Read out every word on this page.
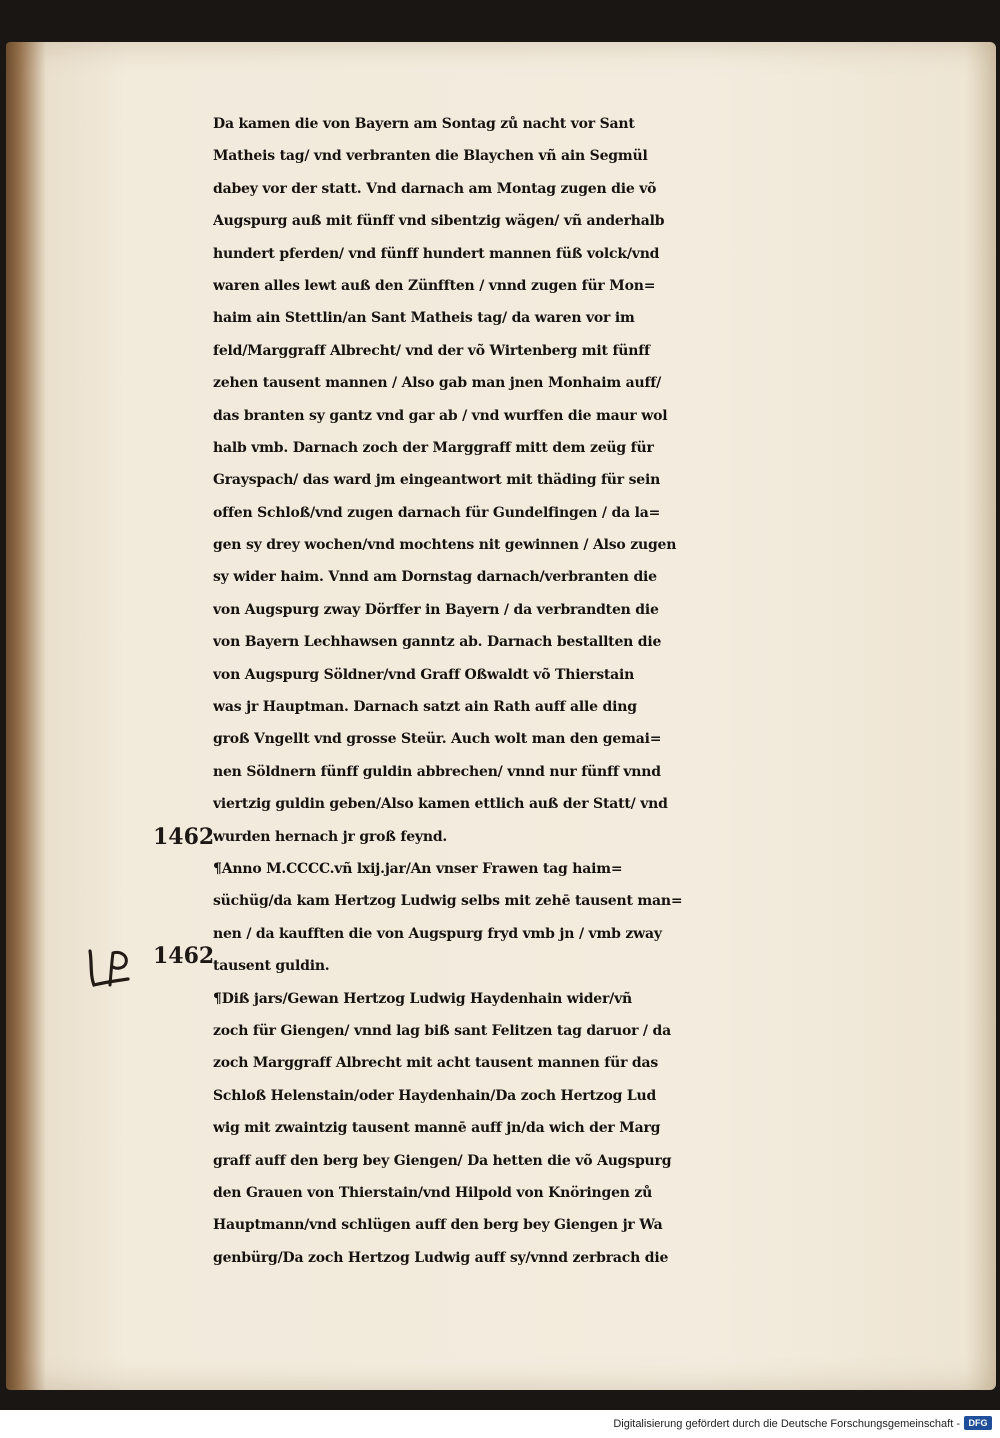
Da kamen die von Bayern am Sontag zů nacht vor Sant
Matheis tag/ vnd verbranten die Blaychen vñ ain Segmül
dabey vor der statt. Vnd darnach am Montag zugen die võ
Augspurg auß mit fünff vnd sibentzig wägen/ vñ anderhalb
hundert pferden/ vnd fünff hundert mannen füß volck/vnd
waren alles lewt auß den Zünfften / vnnd zugen für Mon=
haim ain Stettlin/an Sant Matheis tag/ da waren vor im
feld/Marggraff Albrecht/ vnd der võ Wirtenberg mit fünff
zehen tausent mannen / Also gab man jnen Monhaim auff/
das branten sy gantz vnd gar ab / vnd wurffen die maur wol
halb vmb. Darnach zoch der Marggraff mitt dem zeüg für
Grayspach/ das ward jm eingeantwort mit thäding für sein
offen Schloß/vnd zugen darnach für Gundelfingen / da la=
gen sy drey wochen/vnd mochtens nit gewinnen / Also zugen
sy wider haim. Vnnd am Dornstag darnach/verbranten die
von Augspurg zway Dörffer in Bayern / da verbrandten die
von Bayern Lechhawsen ganntz ab. Darnach bestallten die
von Augspurg Söldner/vnd Graff Oßwaldt võ Thierstain
was jr Hauptman. Darnach satzt ain Rath auff alle ding
groß Vngellt vnd grosse Steür. Auch wolt man den gemai=
nen Söldnern fünff guldin abbrechen/ vnnd nur fünff vnnd
viertzig guldin geben/Also kamen ettlich auß der Statt/ vnd
wurden hernach jr groß feynd.
¶Anno M.CCCC.vñ lxij.jar/An vnser Frawen tag haim=
süchüg/da kam Hertzog Ludwig selbs mit zehē tausent man=
nen / da kaufften die von Augspurg fryd vmb jn / vmb zway
tausent guldin.
¶Diß jars/Gewan Hertzog Ludwig Haydenhain wider/vñ
zoch für Giengen/ vnnd lag biß sant Felitzen tag daruor / da
zoch Marggraff Albrecht mit acht tausent mannen für das
Schloß Helenstain/oder Haydenhain/Da zoch Hertzog Lud
wig mit zwaintzig tausent mannē auff jn/da wich der Marg
graff auff den berg bey Giengen/ Da hetten die võ Augspurg
den Grauen von Thierstain/vnd Hilpold von Knöringen zů
Hauptmann/vnd schlügen auff den berg bey Giengen jr Wa
genbürg/Da zoch Hertzog Ludwig auff sy/vnnd zerbrach die
1462
1462
Digitalisierung gefördert durch die Deutsche Forschungsgemeinschaft - DFG
